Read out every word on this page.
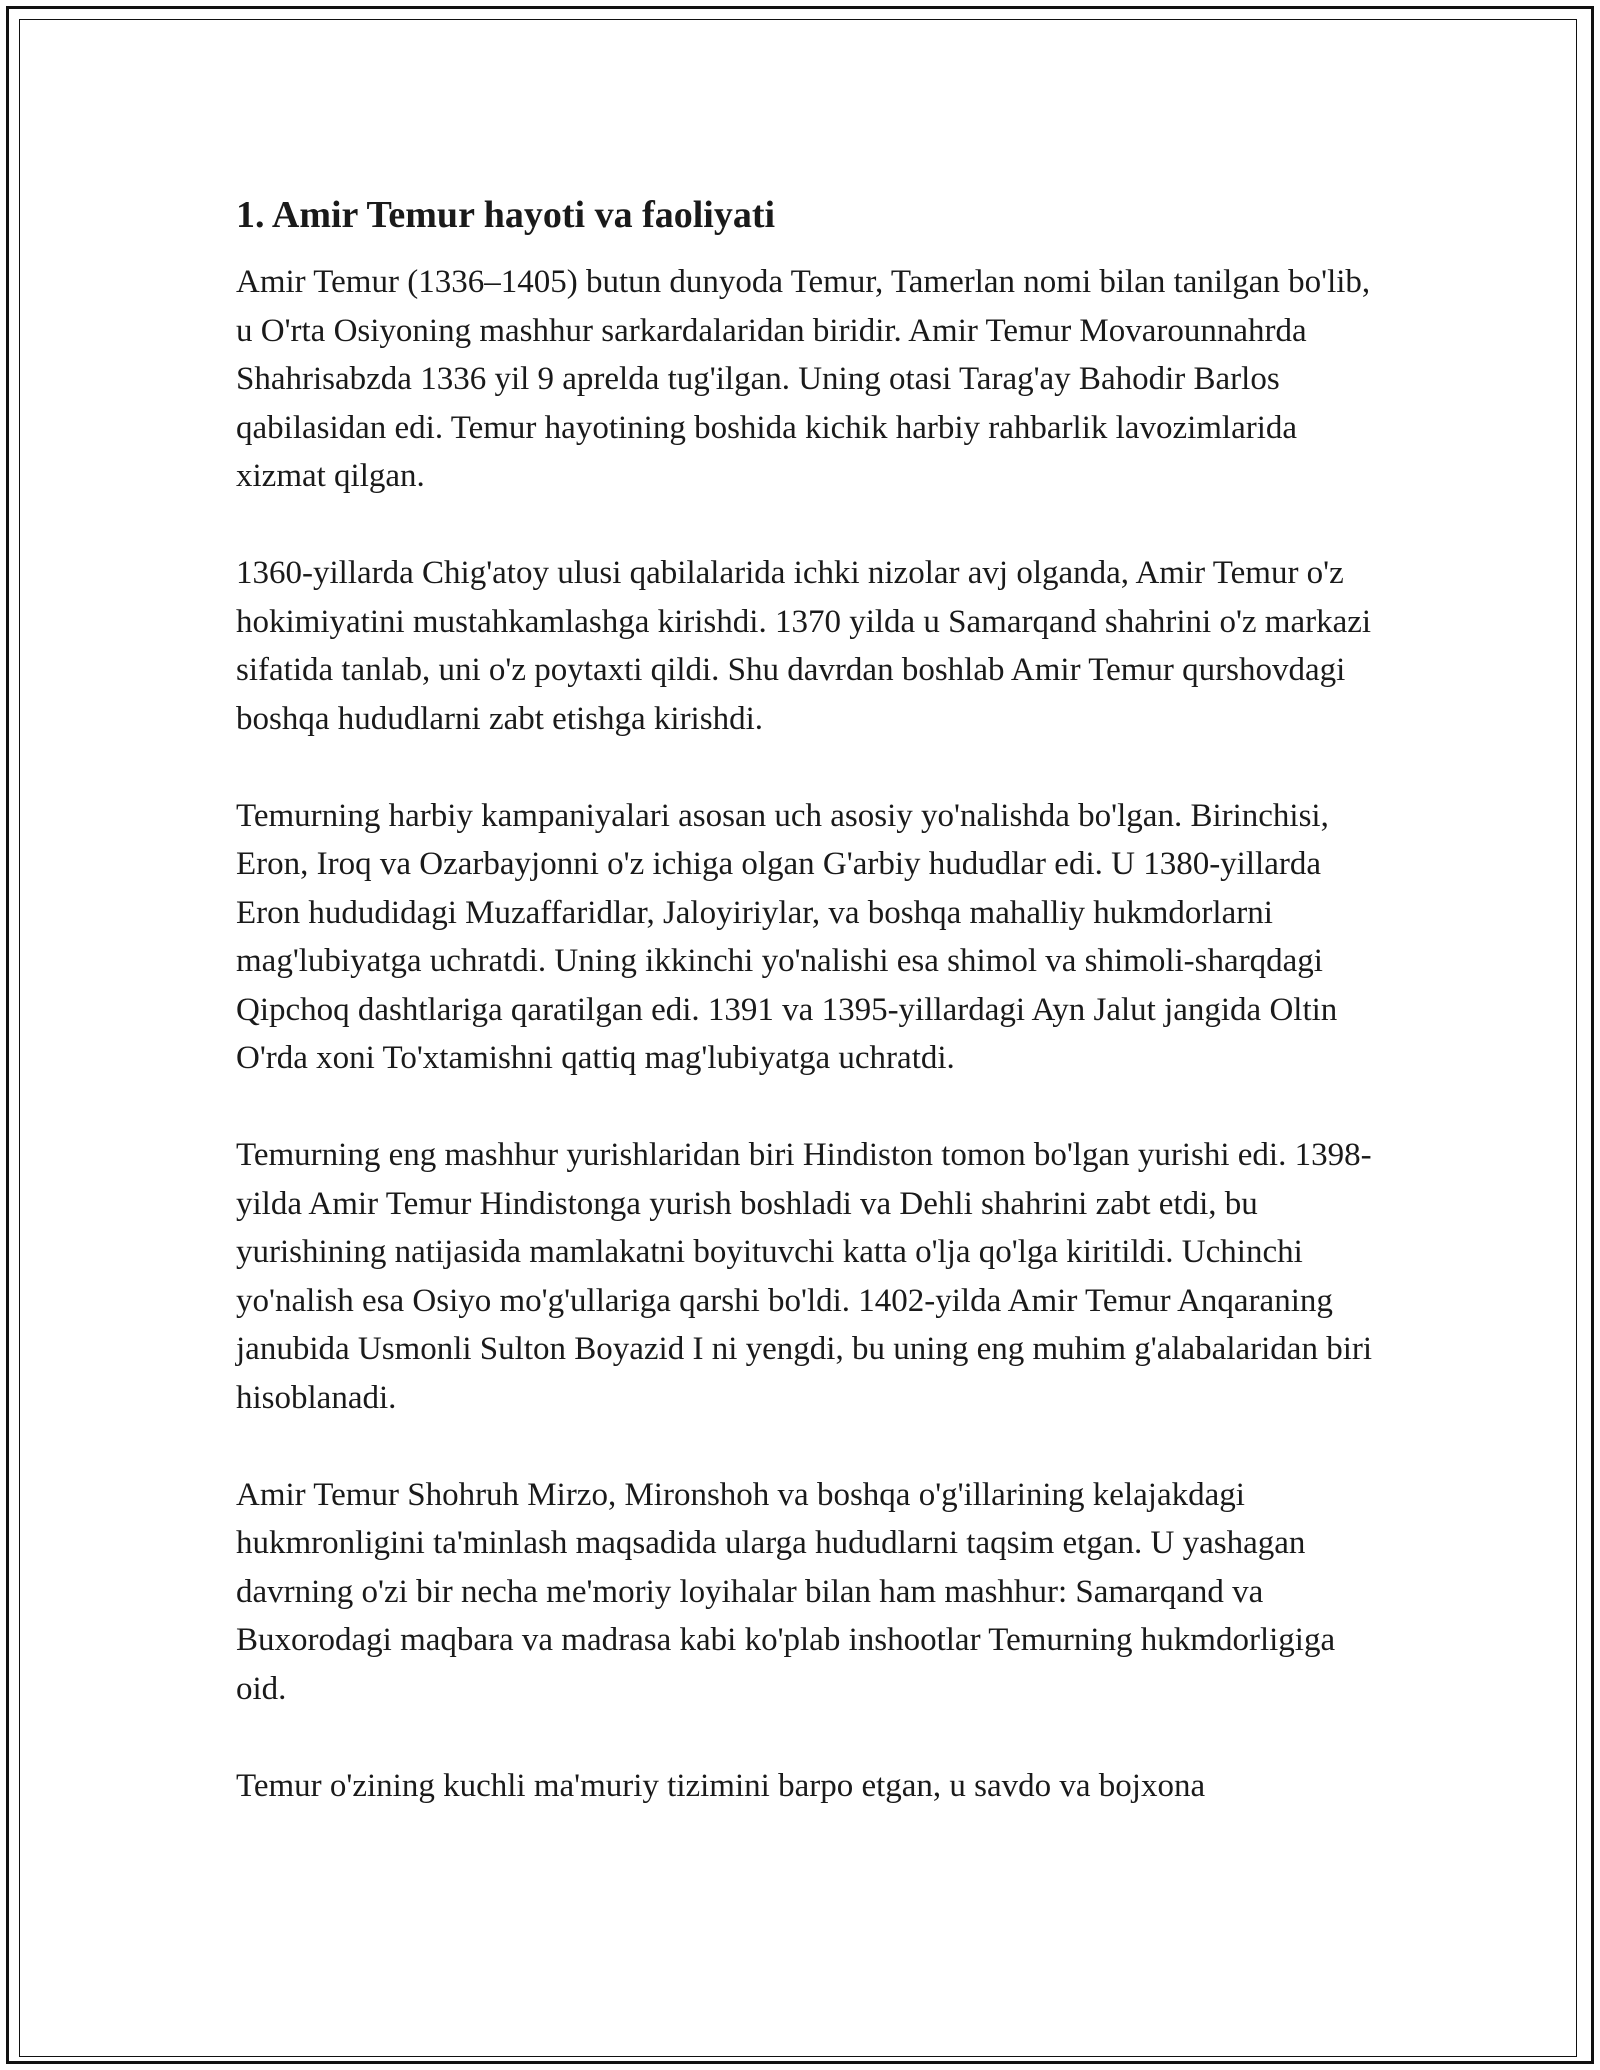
1. Amir Temur hayoti va faoliyati

Amir Temur (1336–1405) butun dunyoda Temur, Tamerlan nomi bilan tanilgan bo'lib, u O'rta Osiyoning mashhur sarkardalaridan biridir. Amir Temur Movarounnahrda Shahrisabzda 1336 yil 9 aprelda tug'ilgan. Uning otasi Tarag'ay Bahodir Barlos qabilasidan edi. Temur hayotining boshida kichik harbiy rahbarlik lavozimlarida xizmat qilgan.

1360-yillarda Chig'atoy ulusi qabilalarida ichki nizolar avj olganda, Amir Temur o'z hokimiyatini mustahkamlashga kirishdi. 1370 yilda u Samarqand shahrini o'z markazi sifatida tanlab, uni o'z poytaxti qildi. Shu davrdan boshlab Amir Temur qurshovdagi boshqa hududlarni zabt etishga kirishdi.

Temurning harbiy kampaniyalari asosan uch asosiy yo'nalishda bo'lgan. Birinchisi, Eron, Iroq va Ozarbayjonni o'z ichiga olgan G'arbiy hududlar edi. U 1380-yillarda Eron hududidagi Muzaffaridlar, Jaloyiriylar, va boshqa mahalliy hukmdorlarni mag'lubiyatga uchratdi. Uning ikkinchi yo'nalishi esa shimol va shimoli-sharqdagi Qipchoq dashtlariga qaratilgan edi. 1391 va 1395-yillardagi Ayn Jalut jangida Oltin O'rda xoni To'xtamishni qattiq mag'lubiyatga uchratdi.

Temurning eng mashhur yurishlaridan biri Hindiston tomon bo'lgan yurishi edi. 1398-yilda Amir Temur Hindistonga yurish boshladi va Dehli shahrini zabt etdi, bu yurishining natijasida mamlakatni boyituvchi katta o'lja qo'lga kiritildi. Uchinchi yo'nalish esa Osiyo mo'g'ullariga qarshi bo'ldi. 1402-yilda Amir Temur Anqaraning janubida Usmonli Sulton Boyazid I ni yengdi, bu uning eng muhim g'alabalaridan biri hisoblanadi.

Amir Temur Shohruh Mirzo, Mironshoh va boshqa o'g'illarining kelajakdagi hukmronligini ta'minlash maqsadida ularga hududlarni taqsim etgan. U yashagan davrning o'zi bir necha me'moriy loyihalar bilan ham mashhur: Samarqand va Buxorodagi maqbara va madrasa kabi ko'plab inshootlar Temurning hukmdorligiga oid.

Temur o'zining kuchli ma'muriy tizimini barpo etgan, u savdo va bojxona
